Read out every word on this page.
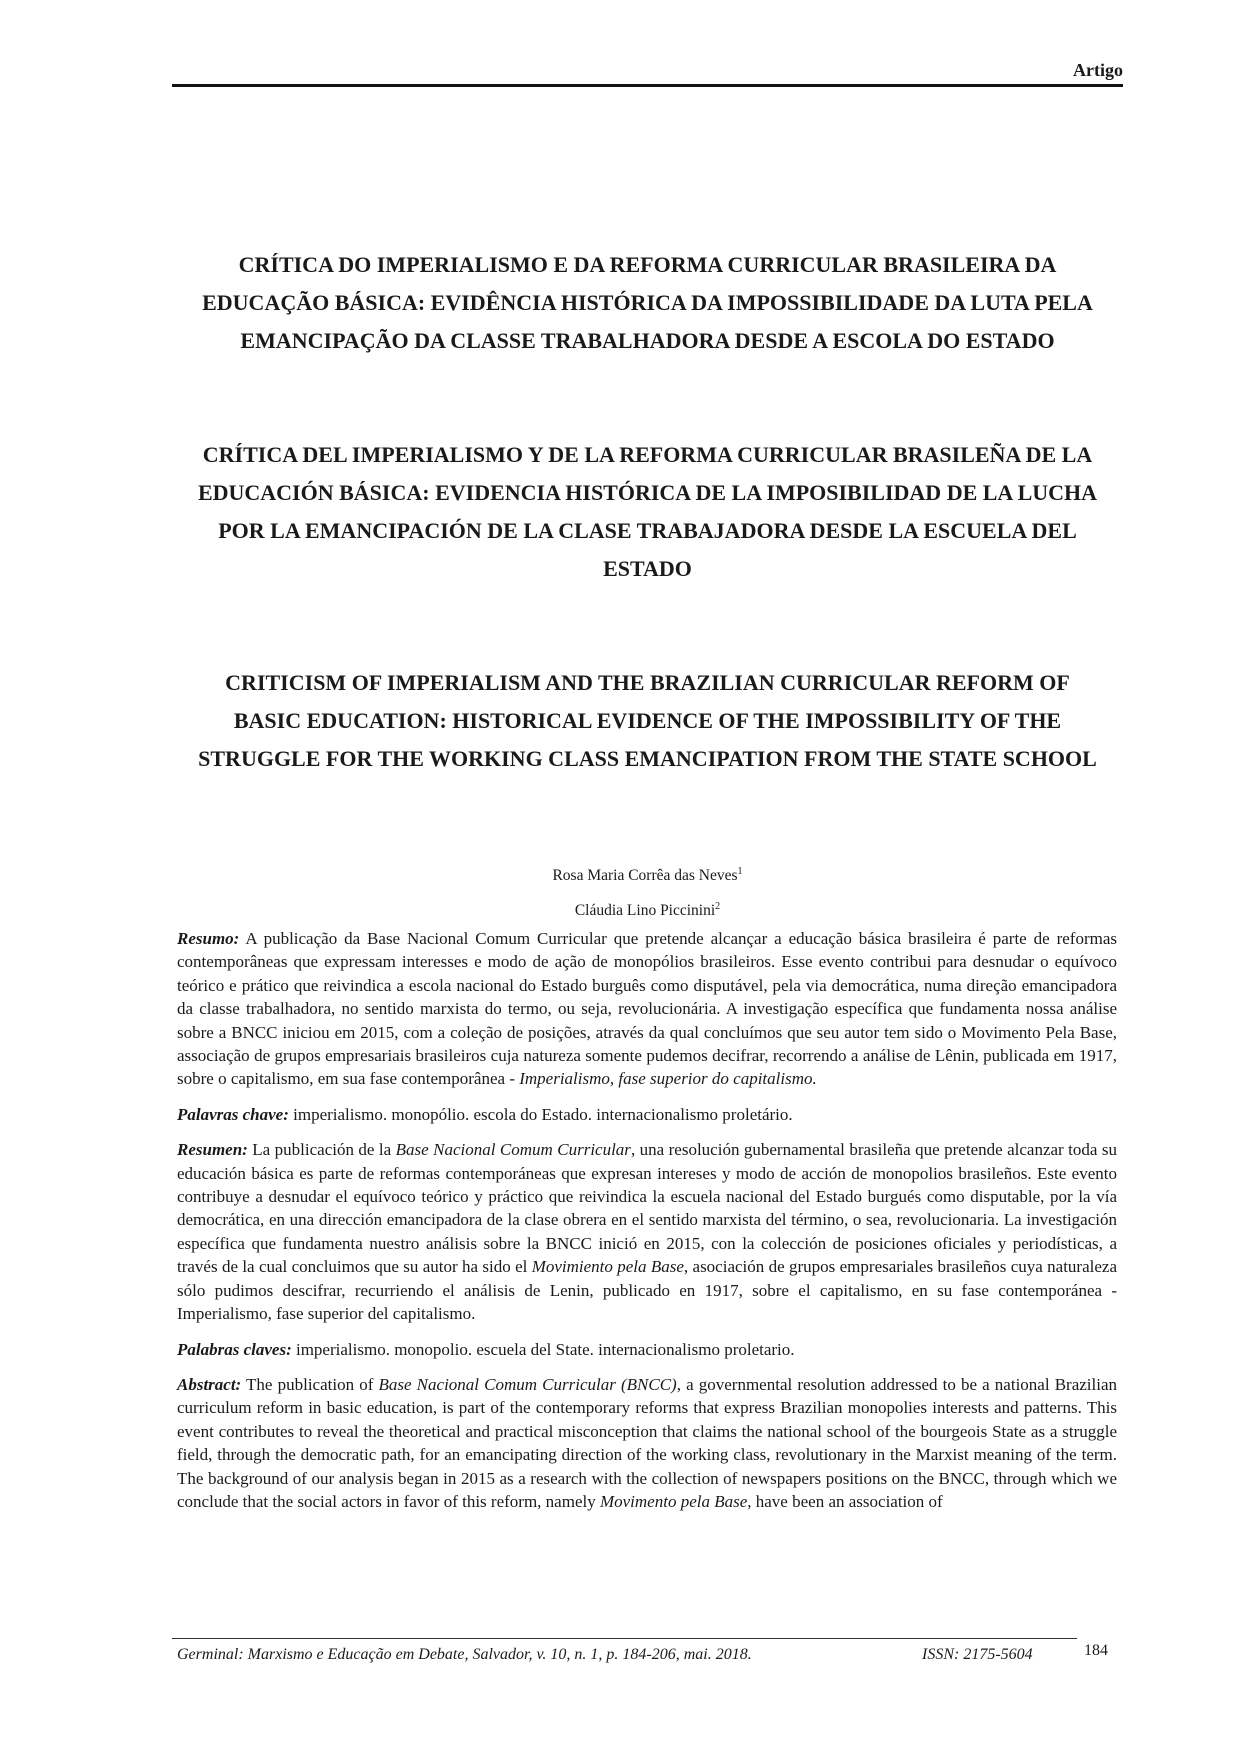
Artigo
CRÍTICA DO IMPERIALISMO E DA REFORMA CURRICULAR BRASILEIRA DA
EDUCAÇÃO BÁSICA: EVIDÊNCIA HISTÓRICA DA IMPOSSIBILIDADE DA LUTA PELA
EMANCIPAÇÃO DA CLASSE TRABALHADORA DESDE A ESCOLA DO ESTADO
CRÍTICA DEL IMPERIALISMO Y DE LA REFORMA CURRICULAR BRASILEÑA DE LA
EDUCACIÓN BÁSICA: EVIDENCIA HISTÓRICA DE LA IMPOSIBILIDAD DE LA LUCHA
POR LA EMANCIPACIÓN DE LA CLASE TRABAJADORA DESDE LA ESCUELA DEL
ESTADO
CRITICISM OF IMPERIALISM AND THE BRAZILIAN CURRICULAR REFORM OF
BASIC EDUCATION: HISTORICAL EVIDENCE OF THE IMPOSSIBILITY OF THE
STRUGGLE FOR THE WORKING CLASS EMANCIPATION FROM THE STATE SCHOOL
Rosa Maria Corrêa das Neves$^1$
Cláudia Lino Piccinini$^2$

Resumo: A publicação da Base Nacional Comum Curricular que pretende alcançar a educação básica brasileira é parte de reformas contemporâneas que expressam interesses e modo de ação de monopólios brasileiros. Esse evento contribui para desnudar o equívoco teórico e prático que reivindica a escola nacional do Estado burguês como disputável, pela via democrática, numa direção emancipadora da classe trabalhadora, no sentido marxista do termo, ou seja, revolucionária. A investigação específica que fundamenta nossa análise sobre a BNCC iniciou em 2015, com a coleção de posições, através da qual concluímos que seu autor tem sido o Movimento Pela Base, associação de grupos empresariais brasileiros cuja natureza somente pudemos decifrar, recorrendo a análise de Lênin, publicada em 1917, sobre o capitalismo, em sua fase contemporânea - Imperialismo, fase superior do capitalismo.

Palavras chave: imperialismo. monopólio. escola do Estado. internacionalismo proletário.

Resumen: La publicación de la Base Nacional Comum Curricular, una resolución gubernamental brasileña que pretende alcanzar toda su educación básica es parte de reformas contemporáneas que expresan intereses y modo de acción de monopolios brasileños. Este evento contribuye a desnudar el equívoco teórico y práctico que reivindica la escuela nacional del Estado burgués como disputable, por la vía democrática, en una dirección emancipadora de la clase obrera en el sentido marxista del término, o sea, revolucionaria. La investigación específica que fundamenta nuestro análisis sobre la BNCC inició en 2015, con la colección de posiciones oficiales y periodísticas, a través de la cual concluimos que su autor ha sido el Movimiento pela Base, asociación de grupos empresariales brasileños cuya naturaleza sólo pudimos descifrar, recurriendo el análisis de Lenin, publicado en 1917, sobre el capitalismo, en su fase contemporánea - Imperialismo, fase superior del capitalismo.

Palabras claves: imperialismo. monopolio. escuela del State. internacionalismo proletario.

Abstract: The publication of Base Nacional Comum Curricular (BNCC), a governmental resolution addressed to be a national Brazilian curriculum reform in basic education, is part of the contemporary reforms that express Brazilian monopolies interests and patterns. This event contributes to reveal the theoretical and practical misconception that claims the national school of the bourgeois State as a struggle field, through the democratic path, for an emancipating direction of the working class, revolutionary in the Marxist meaning of the term. The background of our analysis began in 2015 as a research with the collection of newspapers positions on the BNCC, through which we conclude that the social actors in favor of this reform, namely Movimento pela Base, have been an association of

Germinal: Marxismo e Educação em Debate, Salvador, v. 10, n. 1, p. 184-206, mai. 2018.	ISSN: 2175-5604	184
